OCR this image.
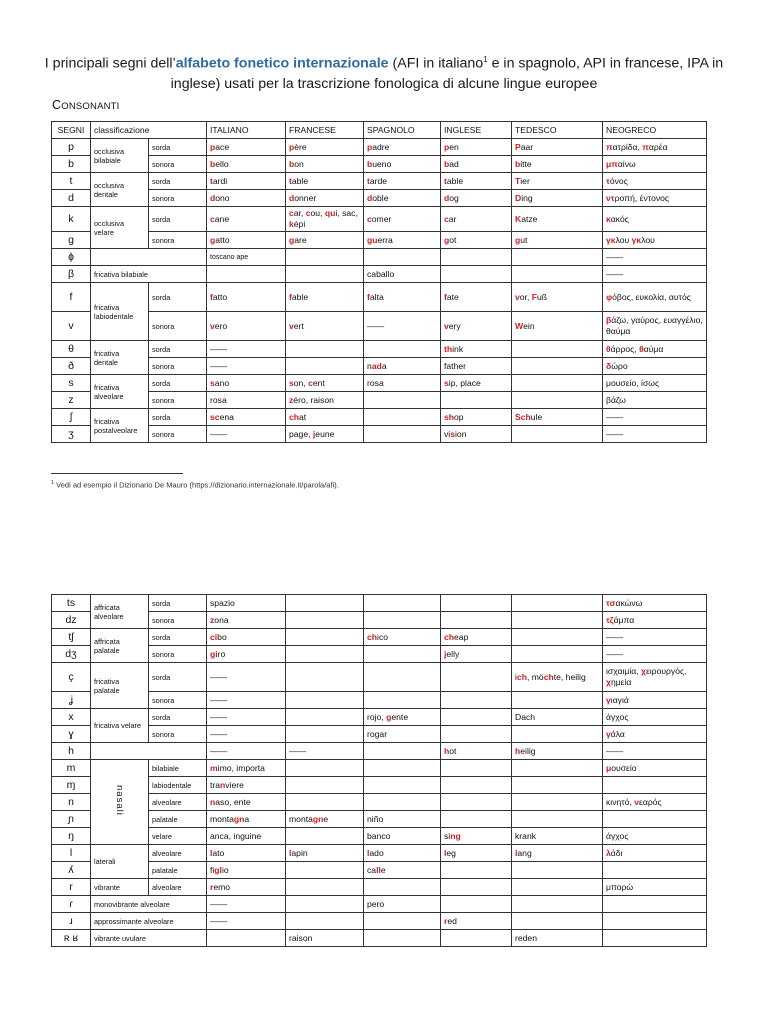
I principali segni dell’alfabeto fonetico internazionale (AFI in italiano$^1$ e in spagnolo, API in francese, IPA in inglese) usati per la trascrizione fonologica di alcune lingue europee
CONSONANTI
SEGNI	classificazione		ITALIANO	FRANCESE	SPAGNOLO	INGLESE	TEDESCO	NEOGRECO
p	occlusiva bilabiale	sorda	pace	père	padre	pen	Paar	πατρίδα, παρέα
b		sonora	bello	bon	bueno	bad	bitte	μπαίνω
t	occlusiva dentale	sorda	tardi	table	tarde	table	Tier	τόνος
d		sonora	dono	donner	doble	dog	Ding	ντροπή, έντονος
k	occlusiva velare	sorda	cane	car, cou, qui, sac, képi	comer	car	Katze	κακός
ɡ		sonora	gatto	gare	guerra	got	gut	γκλου γκλου
ɸ			toscano ape					——
β	fricativa bilabiale				caballo			——
f	fricativa labiodentale	sorda	fatto	fable	falta	fate	vor, Fuß	φόβος, ευκολία, αυτός
v		sonora	vero	vert	——	very	Wein	βάζω, γαύρος, ευαγγέλιο, θαύμα
θ	fricativa dentale	sorda	——			think		θάρρος, θαύμα
ð		sonora	——		nada	father		δώρο
s	fricativa alveolare	sorda	sano	son, cent	rosa	sip, place		μουσείο, ίσως
z		sonora	rosa	zéro, raison				βάζω
ʃ	fricativa postalveolare	sorda	scena	chat		shop	Schule	——
ʒ		sonora	——	page, jeune		vision		——
$^1$ Vedi ad esempio il Dizionario De Mauro (https://dizionario.internazionale.it/parola/afi).
ts	affricata alveolare	sorda	spazio					τσακώνω
dz		sonora	zona					τζάμπα
tʃ	affricata palatale	sorda	cibo		chico	cheap		——
dʒ		sonora	giro			jelly		——
ç	fricativa palatale	sorda	——				ich, möchte, heilig	ισχαιμία, χειρουργός, χημεία
ʝ		sonora	——					γιαγιά
x	fricativa velare	sorda	——		rojo, gente		Dach	άγχος
ɣ		sonora	——		rogar			γάλα
h			——	——		hot	heilig	——
m	nasali	bilabiale	mimo, importa					μουσείο
ɱ		labiodentale	tranviere					
n		alveolare	naso, ente					κινητό, νεαρός
ɲ		palatale	montagna	montagne	niño			
ŋ		velare	anca, inguine		banco	sing	krank	άγχος
l	laterali	alveolare	lato	lapin	lado	leg	lang	λάδι
ʎ		palatale	figlio		calle			
r	vibrante	alveolare	remo					μπορώ
ɾ	monovibrante alveolare		——		pero			
ɹ	approssimante alveolare		——			red		
ʀ ʁ	vibrante uvulare			raison			reden	
